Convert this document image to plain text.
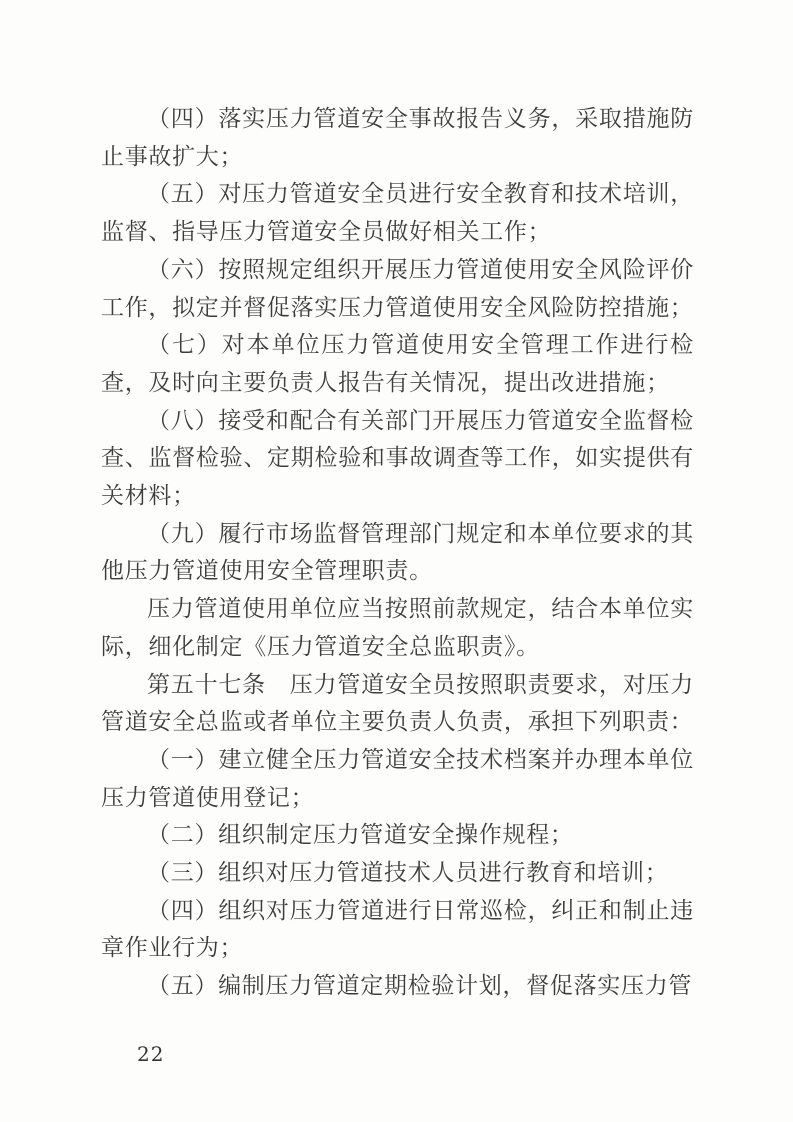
（四）落实压力管道安全事故报告义务，采取措施防止事故扩大；

（五）对压力管道安全员进行安全教育和技术培训，监督、指导压力管道安全员做好相关工作；

（六）按照规定组织开展压力管道使用安全风险评价工作，拟定并督促落实压力管道使用安全风险防控措施；

（七）对本单位压力管道使用安全管理工作进行检查，及时向主要负责人报告有关情况，提出改进措施；

（八）接受和配合有关部门开展压力管道安全监督检查、监督检验、定期检验和事故调查等工作，如实提供有关材料；

（九）履行市场监督管理部门规定和本单位要求的其他压力管道使用安全管理职责。

压力管道使用单位应当按照前款规定，结合本单位实际，细化制定《压力管道安全总监职责》。

第五十七条　压力管道安全员按照职责要求，对压力管道安全总监或者单位主要负责人负责，承担下列职责：

（一）建立健全压力管道安全技术档案并办理本单位压力管道使用登记；

（二）组织制定压力管道安全操作规程；

（三）组织对压力管道技术人员进行教育和培训；

（四）组织对压力管道进行日常巡检，纠正和制止违章作业行为；

（五）编制压力管道定期检验计划，督促落实压力管

22
